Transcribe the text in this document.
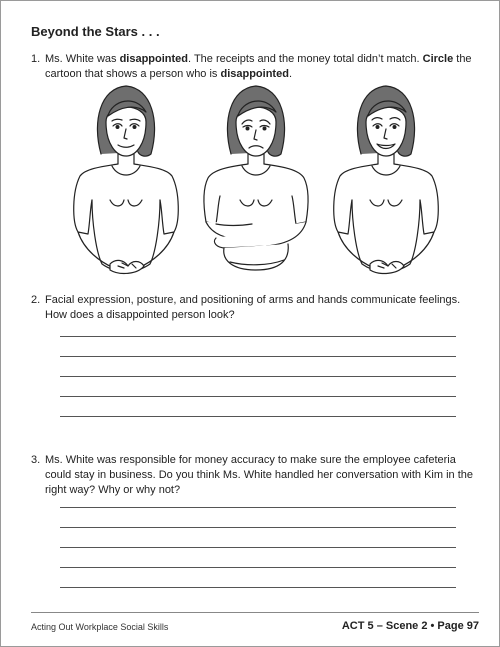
Beyond the Stars . . .
1. Ms. White was disappointed. The receipts and the money total didn’t match. Circle the cartoon that shows a person who is disappointed.
2. Facial expression, posture, and positioning of arms and hands communicate feelings. How does a disappointed person look?
3. Ms. White was responsible for money accuracy to make sure the employee cafeteria could stay in business. Do you think Ms. White handled her conversation with Kim in the right way? Why or why not?
Acting Out Workplace Social Skills	ACT 5 – Scene 2 • Page 97
